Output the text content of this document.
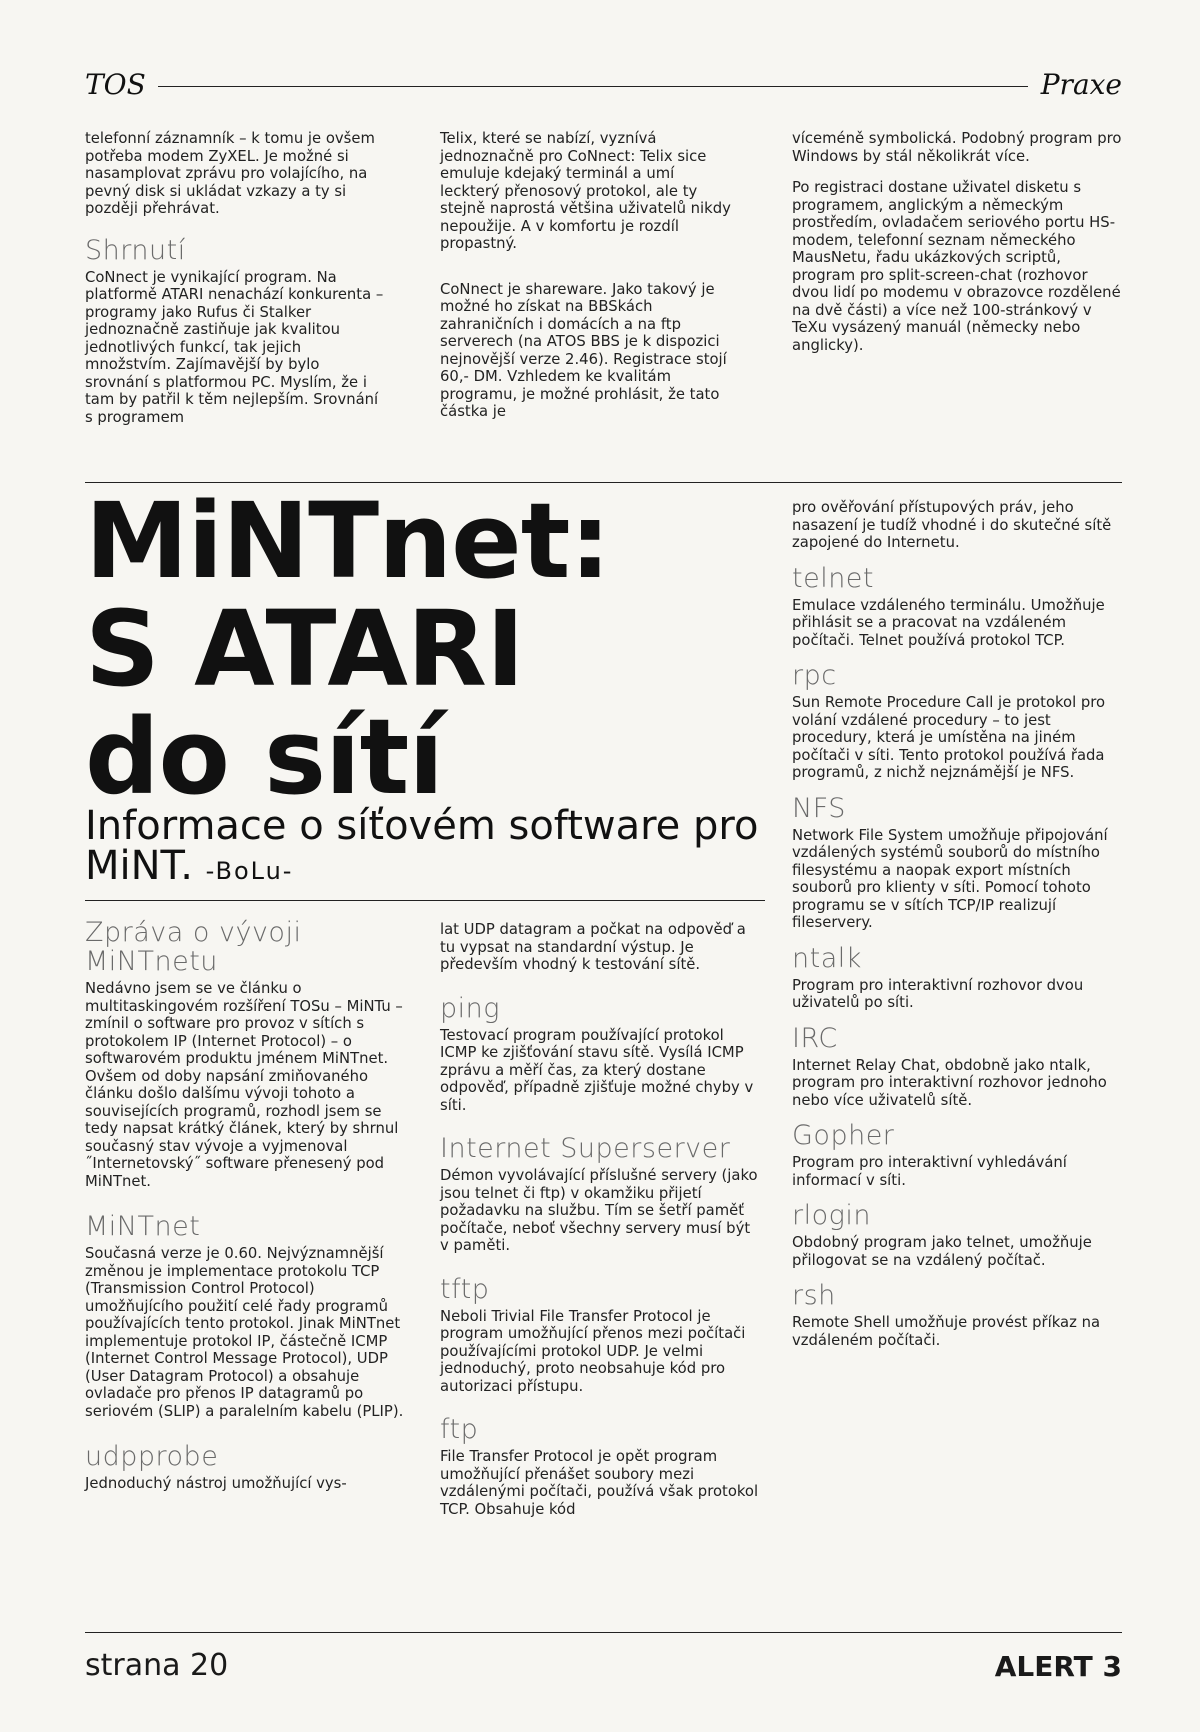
TOS	Praxe

telefonní záznamník – k tomu je ovšem potřeba modem ZyXEL. Je možné si nasamplovat zprávu pro volajícího, na pevný disk si ukládat vzkazy a ty si později přehrávat.

Shrnutí

CoNnect je vynikající program. Na platformě ATARI nenachází konkurenta – programy jako Rufus či Stalker jednoznačně zastiňuje jak kvalitou jednotlivých funkcí, tak jejich množstvím. Zajímavější by bylo srovnání s platformou PC. Myslím, že i tam by patřil k těm nejlepším. Srovnání s programem

Telix, které se nabízí, vyznívá jednoznačně pro CoNnect: Telix sice emuluje kdejaký terminál a umí leckterý přenosový protokol, ale ty stejně naprostá většina uživatelů nikdy nepoužije. A v komfortu je rozdíl propastný.

CoNnect je shareware. Jako takový je možné ho získat na BBSkách zahraničních i domácích a na ftp serverech (na ATOS BBS je k dispozici nejnovější verze 2.46). Registrace stojí 60,- DM. Vzhledem ke kvalitám programu, je možné prohlásit, že tato částka je

víceméně symbolická. Podobný program pro Windows by stál několikrát více.

Po registraci dostane uživatel disketu s programem, anglickým a německým prostředím, ovladačem seriového portu HS-modem, telefonní seznam německého MausNetu, řadu ukázkových scriptů, program pro split-screen-chat (rozhovor dvou lidí po modemu v obrazovce rozdělené na dvě části) a více než 100-stránkový v TeXu vysázený manuál (německy nebo anglicky).

MiNTnet:
S ATARI
do sítí
Informace o síťovém software pro MiNT. -BoLu-
Zpráva o vývoji MiNTnetu

Nedávno jsem se ve článku o multitaskingovém rozšíření TOSu – MiNTu – zmínil o software pro provoz v sítích s protokolem IP (Internet Protocol) – o softwarovém produktu jménem MiNTnet. Ovšem od doby napsání zmiňovaného článku došlo dalšímu vývoji tohoto a souvisejících programů, rozhodl jsem se tedy napsat krátký článek, který by shrnul současný stav vývoje a vyjmenoval ˝Internetovský˝ software přenesený pod MiNTnet.

MiNTnet

Současná verze je 0.60. Nejvýznamnější změnou je implementace protokolu TCP (Transmission Control Protocol) umožňujícího použití celé řady programů používajících tento protokol. Jinak MiNTnet implementuje protokol IP, částečně ICMP (Internet Control Message Protocol), UDP (User Datagram Protocol) a obsahuje ovladače pro přenos IP datagramů po seriovém (SLIP) a paralelním kabelu (PLIP).

udpprobe

Jednoduchý nástroj umožňující vys-

lat UDP datagram a počkat na odpověď a tu vypsat na standardní výstup. Je především vhodný k testování sítě.

ping

Testovací program používající protokol ICMP ke zjišťování stavu sítě. Vysílá ICMP zprávu a měří čas, za který dostane odpověď, případně zjišťuje možné chyby v síti.

Internet Superserver

Démon vyvolávající příslušné servery (jako jsou telnet či ftp) v okamžiku přijetí požadavku na službu. Tím se šetří paměť počítače, neboť všechny servery musí být v paměti.

tftp

Neboli Trivial File Transfer Protocol je program umožňující přenos mezi počítači používajícími protokol UDP. Je velmi jednoduchý, proto neobsahuje kód pro autorizaci přístupu.

ftp

File Transfer Protocol je opět program umožňující přenášet soubory mezi vzdálenými počítači, používá však protokol TCP. Obsahuje kód

pro ověřování přístupových práv, jeho nasazení je tudíž vhodné i do skutečné sítě zapojené do Internetu.

telnet

Emulace vzdáleného terminálu. Umožňuje přihlásit se a pracovat na vzdáleném počítači. Telnet používá protokol TCP.

rpc

Sun Remote Procedure Call je protokol pro volání vzdálené procedury – to jest procedury, která je umístěna na jiném počítači v síti. Tento protokol používá řada programů, z nichž nejznámější je NFS.

NFS

Network File System umožňuje připojování vzdálených systémů souborů do místního filesystému a naopak export místních souborů pro klienty v síti. Pomocí tohoto programu se v sítích TCP/IP realizují fileservery.

ntalk

Program pro interaktivní rozhovor dvou uživatelů po síti.

IRC

Internet Relay Chat, obdobně jako ntalk, program pro interaktivní rozhovor jednoho nebo více uživatelů sítě.

Gopher

Program pro interaktivní vyhledávání informací v síti.

rlogin

Obdobný program jako telnet, umožňuje přilogovat se na vzdálený počítač.

rsh

Remote Shell umožňuje provést příkaz na vzdáleném počítači.

strana 20	ALERT 3
